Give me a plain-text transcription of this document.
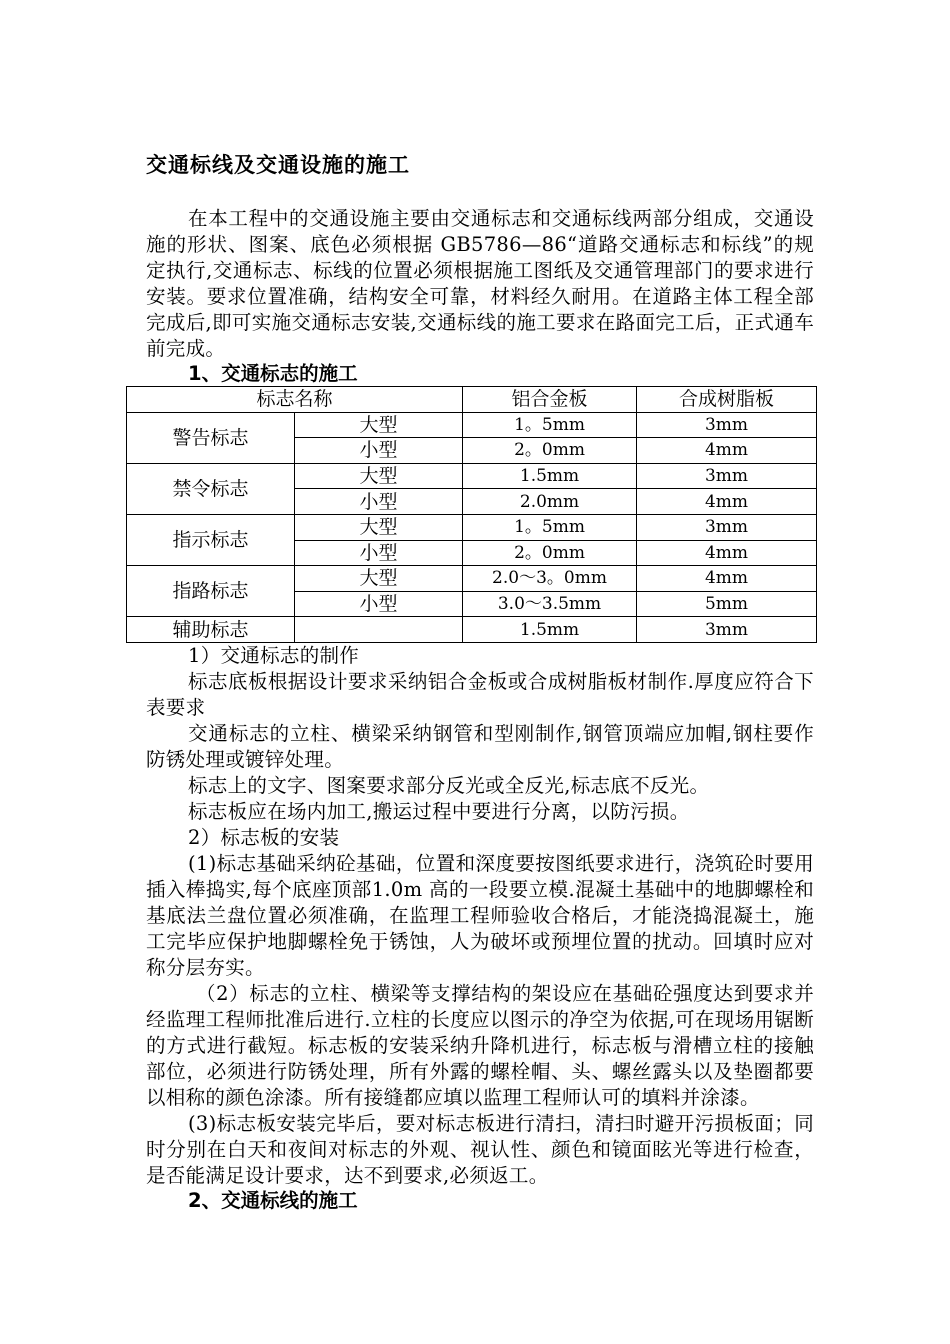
交通标线及交通设施的施工

在本工程中的交通设施主要由交通标志和交通标线两部分组成，交通设施的形状、图案、底色必须根据 GB5786—86“道路交通标志和标线”的规定执行,交通标志、标线的位置必须根据施工图纸及交通管理部门的要求进行安装。要求位置准确，结构安全可靠，材料经久耐用。在道路主体工程全部完成后,即可实施交通标志安装,交通标线的施工要求在路面完工后，正式通车前完成。

1、交通标志的施工

标志名称		铝合金板	合成树脂板
警告标志	大型	1。5mm	3mm
	小型	2。0mm	4mm
禁令标志	大型	1.5mm	3mm
	小型	2.0mm	4mm
指示标志	大型	1。5mm	3mm
	小型	2。0mm	4mm
指路标志	大型	2.0～3。0mm	4mm
	小型	3.0～3.5mm	5mm
辅助标志		1.5mm	3mm

1）交通标志的制作

标志底板根据设计要求采纳铝合金板或合成树脂板材制作.厚度应符合下表要求

交通标志的立柱、横梁采纳钢管和型刚制作,钢管顶端应加帽,钢柱要作防锈处理或镀锌处理。

标志上的文字、图案要求部分反光或全反光,标志底不反光。

标志板应在场内加工,搬运过程中要进行分离，以防污损。

2）标志板的安装

(1)标志基础采纳砼基础，位置和深度要按图纸要求进行，浇筑砼时要用插入棒捣实,每个底座顶部1.0m 高的一段要立模.混凝土基础中的地脚螺栓和基底法兰盘位置必须准确，在监理工程师验收合格后，才能浇捣混凝土，施工完毕应保护地脚螺栓免于锈蚀，人为破坏或预埋位置的扰动。回填时应对称分层夯实。

（2）标志的立柱、横梁等支撑结构的架设应在基础砼强度达到要求并经监理工程师批准后进行.立柱的长度应以图示的净空为依据,可在现场用锯断的方式进行截短。标志板的安装采纳升降机进行，标志板与滑槽立柱的接触部位，必须进行防锈处理，所有外露的螺栓帽、头、螺丝露头以及垫圈都要以相称的颜色涂漆。所有接缝都应填以监理工程师认可的填料并涂漆。

(3)标志板安装完毕后，要对标志板进行清扫，清扫时避开污损板面；同时分别在白天和夜间对标志的外观、视认性、颜色和镜面眩光等进行检查，是否能满足设计要求，达不到要求,必须返工。

2、交通标线的施工
